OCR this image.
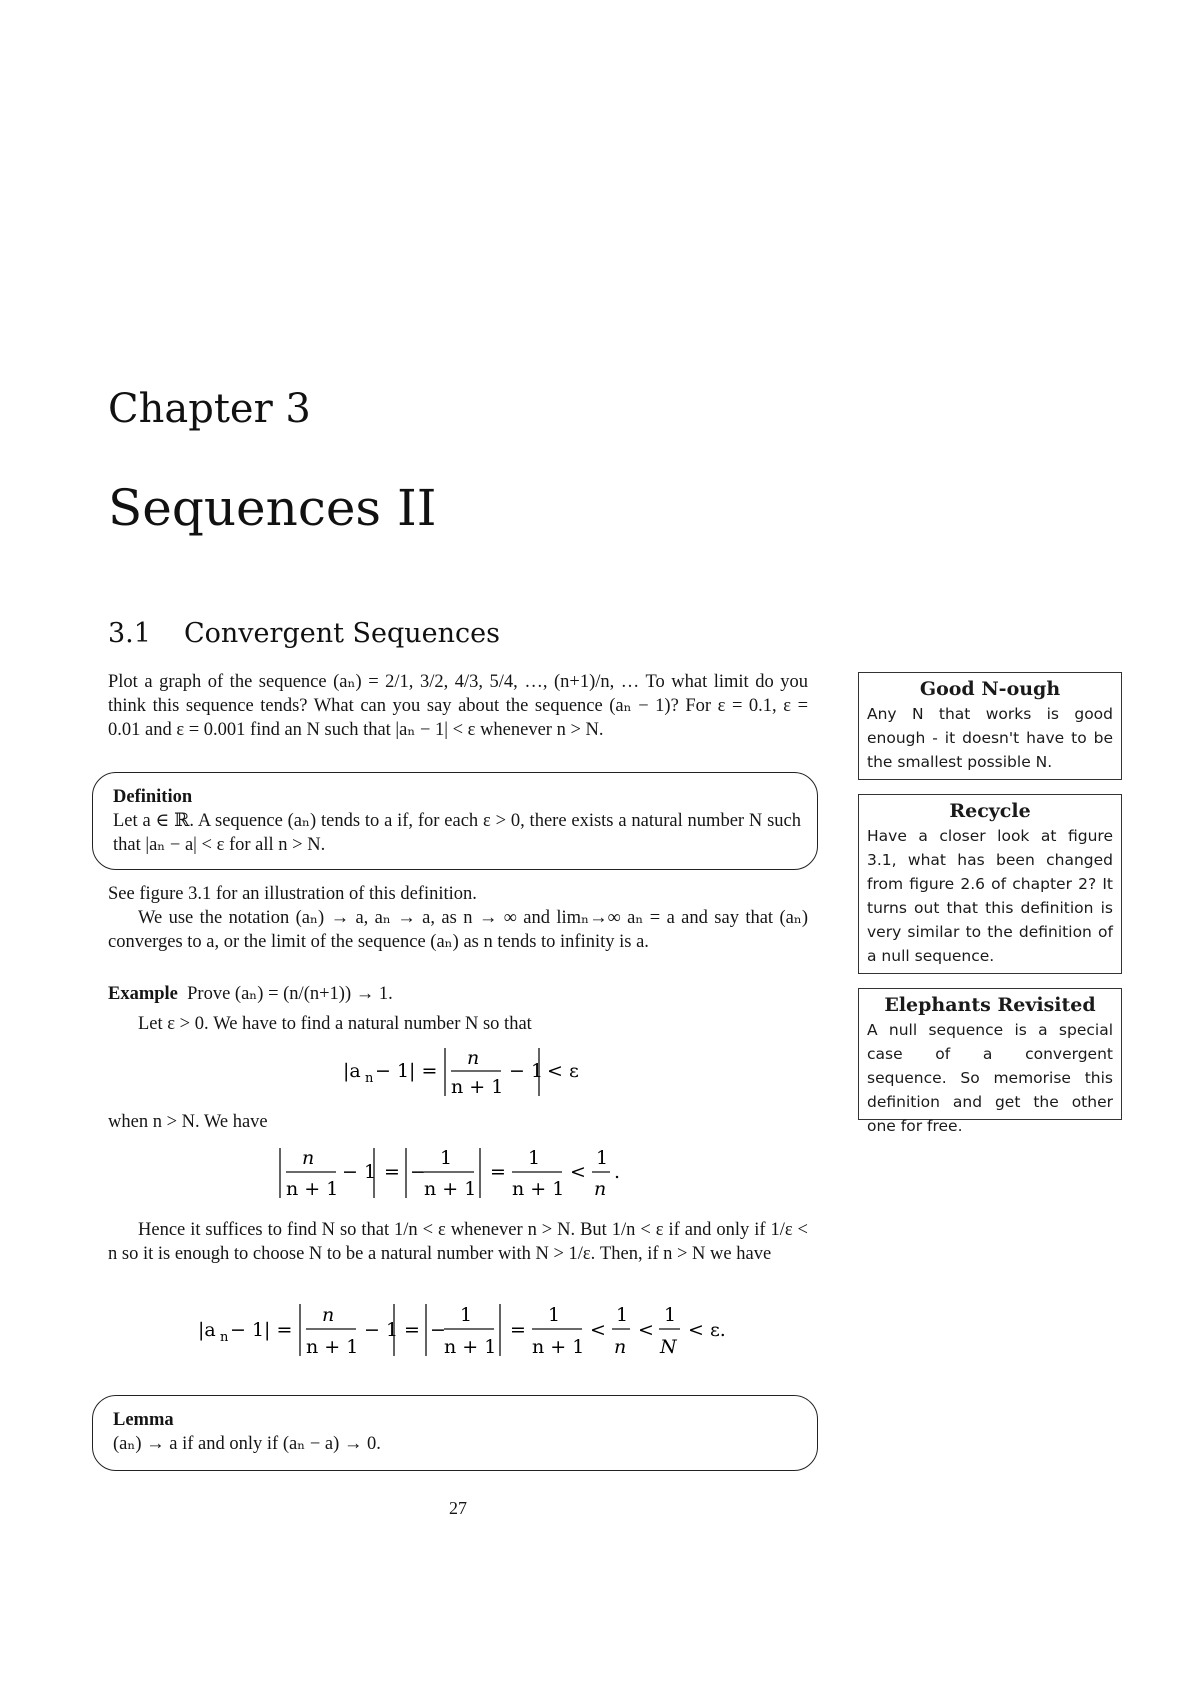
Chapter 3
Sequences II
3.1 Convergent Sequences
Plot a graph of the sequence (aₙ) = 2/1, 3/2, 4/3, 5/4, …, (n+1)/n, … To what limit do you think this sequence tends? What can you say about the sequence (aₙ − 1)? For ε = 0.1, ε = 0.01 and ε = 0.001 find an N such that |aₙ − 1| < ε whenever n > N.
Definition
Let a ∈ ℝ. A sequence (aₙ) tends to a if, for each ε > 0, there exists a natural number N such that |aₙ − a| < ε for all n > N.
See figure 3.1 for an illustration of this definition.
We use the notation (aₙ) → a, aₙ → a, as n → ∞ and limₙ→∞ aₙ = a and say that (aₙ) converges to a, or the limit of the sequence (aₙ) as n tends to infinity is a.
Example Prove (aₙ) = (n/(n+1)) → 1.
Let ε > 0. We have to find a natural number N so that
|a n − 1| =
n
n + 1
− 1 < ε
when n > N. We have
n
n + 1
− 1 = −
1
n + 1
=
1
n + 1
<
1
n
.
Hence it suffices to find N so that 1/n < ε whenever n > N. But 1/n < ε if and only if 1/ε < n so it is enough to choose N to be a natural number with N > 1/ε. Then, if n > N we have
|a n − 1| =
n
n + 1
− 1 = −
1
n + 1
=
1
n + 1
<
1
n
<
1
N
< ε.
Lemma
(aₙ) → a if and only if (aₙ − a) → 0.
Good N-ough
Any N that works is good enough - it doesn't have to be the smallest possible N.
Recycle
Have a closer look at figure 3.1, what has been changed from figure 2.6 of chapter 2? It turns out that this definition is very similar to the definition of a null sequence.
Elephants Revisited
A null sequence is a special case of a convergent sequence. So memorise this definition and get the other one for free.
27
